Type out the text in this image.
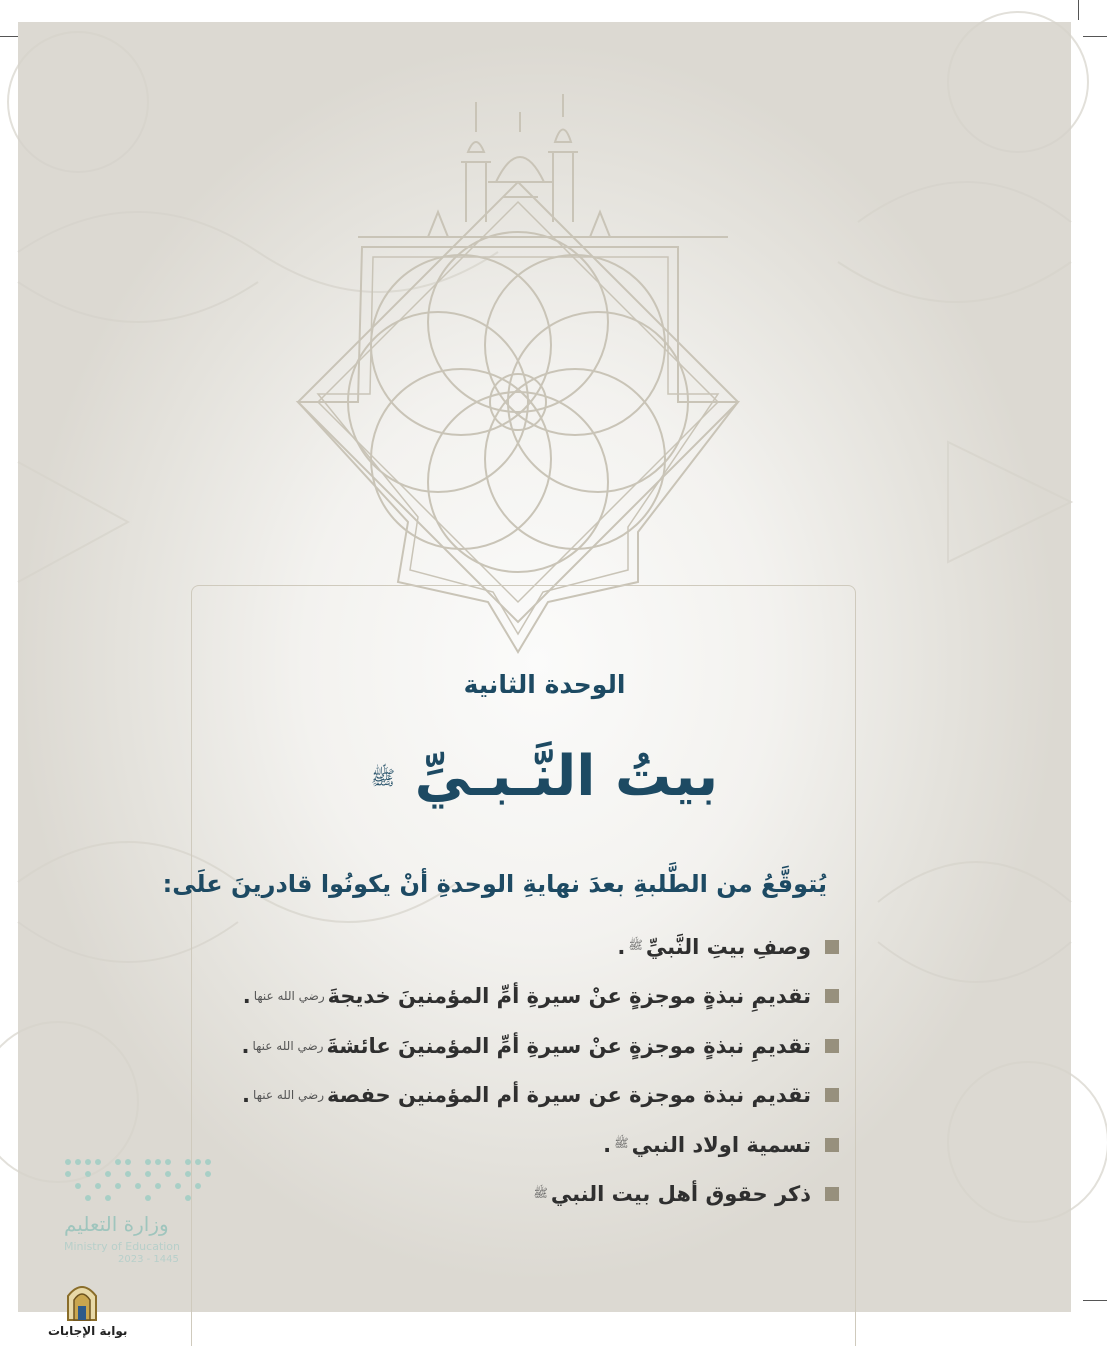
الوحدة الثانية
بيتُ النَّـبـيِّ ﷺ
يُتوقَّعُ من الطَّلبةِ بعدَ نهايةِ الوحدةِ أنْ يكونُوا قادرينَ علَى:
وصفِ بيتِ النَّبيِّ
ﷺ
.
تقديمِ نبذةٍ موجزةٍ عنْ سيرةِ أمِّ المؤمنينَ خديجةَ
رضي الله عنها
.
تقديمِ نبذةٍ موجزةٍ عنْ سيرةِ أمِّ المؤمنينَ عائشةَ
رضي الله عنها
.
تقديم نبذة موجزة عن سيرة أم المؤمنين حفصة
رضي الله عنها
.
تسمية اولاد النبي
ﷺ
.
ذكر حقوق أهل بيت النبي
ﷺ
وزارة التعليم
Ministry of Education
2023 - 1445
بوابة الإجابات
